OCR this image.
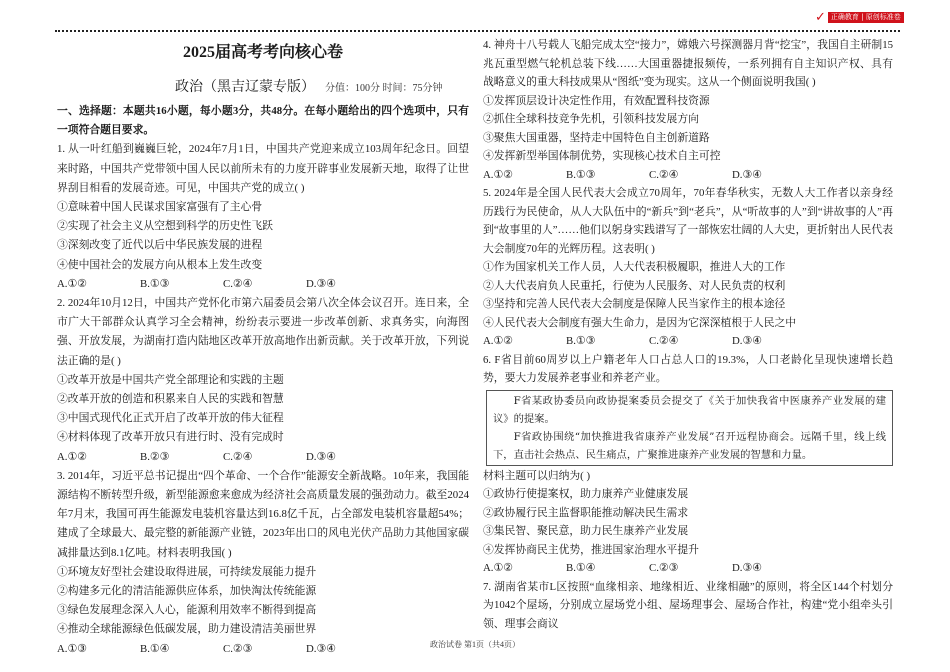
✓ 正确教育 | 原创标准卷
2025届高考考向核心卷
政治（黑吉辽蒙专版） 分值：100分 时间：75分钟

一、选择题：本题共16小题，每小题3分，共48分。在每小题给出的四个选项中，只有一项符合题目要求。

1. 从一叶红船到巍巍巨轮，2024年7月1日，中国共产党迎来成立103周年纪念日。回望来时路，中国共产党带领中国人民以前所未有的力度开辟事业发展新天地，取得了让世界刮目相看的发展奇迹。可见，中国共产党的成立( )

①意味着中国人民谋求国家富强有了主心骨

②实现了社会主义从空想到科学的历史性飞跃

③深刻改变了近代以后中华民族发展的进程

④使中国社会的发展方向从根本上发生改变

A.①②	B.①③	C.②④	D.③④

2. 2024年10月12日，中国共产党怀化市第六届委员会第八次全体会议召开。连日来，全市广大干部群众认真学习全会精神，纷纷表示要进一步改革创新、求真务实，向海图强、开放发展，为湖南打造内陆地区改革开放高地作出新贡献。关于改革开放，下列说法正确的是( )

①改革开放是中国共产党全部理论和实践的主题

②改革开放的创造和积累来自人民的实践和智慧

③中国式现代化正式开启了改革开放的伟大征程

④材料体现了改革开放只有进行时、没有完成时

A.①②	B.②③	C.②④	D.③④

3. 2014年，习近平总书记提出“四个革命、一个合作”能源安全新战略。10年来，我国能源结构不断转型升级，新型能源愈来愈成为经济社会高质量发展的强劲动力。截至2024年7月末，我国可再生能源发电装机容量达到16.8亿千瓦，占全部发电装机容量超54%；建成了全球最大、最完整的新能源产业链，2023年出口的风电光伏产品助力其他国家碳减排量达到8.1亿吨。材料表明我国( )

①环境友好型社会建设取得进展，可持续发展能力提升

②构建多元化的清洁能源供应体系，加快淘汰传统能源

③绿色发展理念深入人心，能源利用效率不断得到提高

④推动全球能源绿色低碳发展，助力建设清洁美丽世界

A.①③	B.①④	C.②③	D.③④

4. 神舟十八号载人飞船完成太空“接力”，嫦娥六号探测器月背“挖宝”，我国自主研制15兆瓦重型燃气轮机总装下线……大国重器捷报频传，一系列拥有自主知识产权、具有战略意义的重大科技成果从“图纸”变为现实。这从一个侧面说明我国( )

①发挥顶层设计决定性作用，有效配置科技资源

②抓住全球科技竞争先机，引领科技发展方向

③聚焦大国重器，坚持走中国特色自主创新道路

④发挥新型举国体制优势，实现核心技术自主可控

A.①②	B.①③	C.②④	D.③④

5. 2024年是全国人民代表大会成立70周年，70年春华秋实，无数人大工作者以亲身经历践行为民使命，从人大队伍中的“新兵”到“老兵”，从“听故事的人”到“讲故事的人”再到“故事里的人”……他们以躬身实践谱写了一部恢宏壮阔的人大史，更折射出人民代表大会制度70年的光辉历程。这表明( )

①作为国家机关工作人员，人大代表积极履职，推进人大的工作

②人大代表肩负人民重托，行使为人民服务、对人民负责的权利

③坚持和完善人民代表大会制度是保障人民当家作主的根本途径

④人民代表大会制度有强大生命力，是因为它深深植根于人民之中

A.①②	B.①③	C.②④	D.③④

6. F省目前60周岁以上户籍老年人口占总人口的19.3%，人口老龄化呈现快速增长趋势，要大力发展养老事业和养老产业。

F省某政协委员向政协提案委员会提交了《关于加快我省中医康养产业发展的建议》的提案。

F省政协围绕“加快推进我省康养产业发展”召开远程协商会。远隔千里，线上线下，直击社会热点、民生痛点，广聚推进康养产业发展的智慧和力量。

材料主题可以归纳为( )

①政协行使提案权，助力康养产业健康发展

②政协履行民主监督职能推动解决民生需求

③集民智、聚民意，助力民生康养产业发展

④发挥协商民主优势，推进国家治理水平提升

A.①②	B.①④	C.②③	D.③④

7. 湖南省某市L区按照“血缘相亲、地缘相近、业缘相融”的原则，将全区144个村划分为1042个屋场，分别成立屋场党小组、屋场理事会、屋场合作社，构建“党小组牵头引领、理事会商议

政治试卷 第1页（共4页）
